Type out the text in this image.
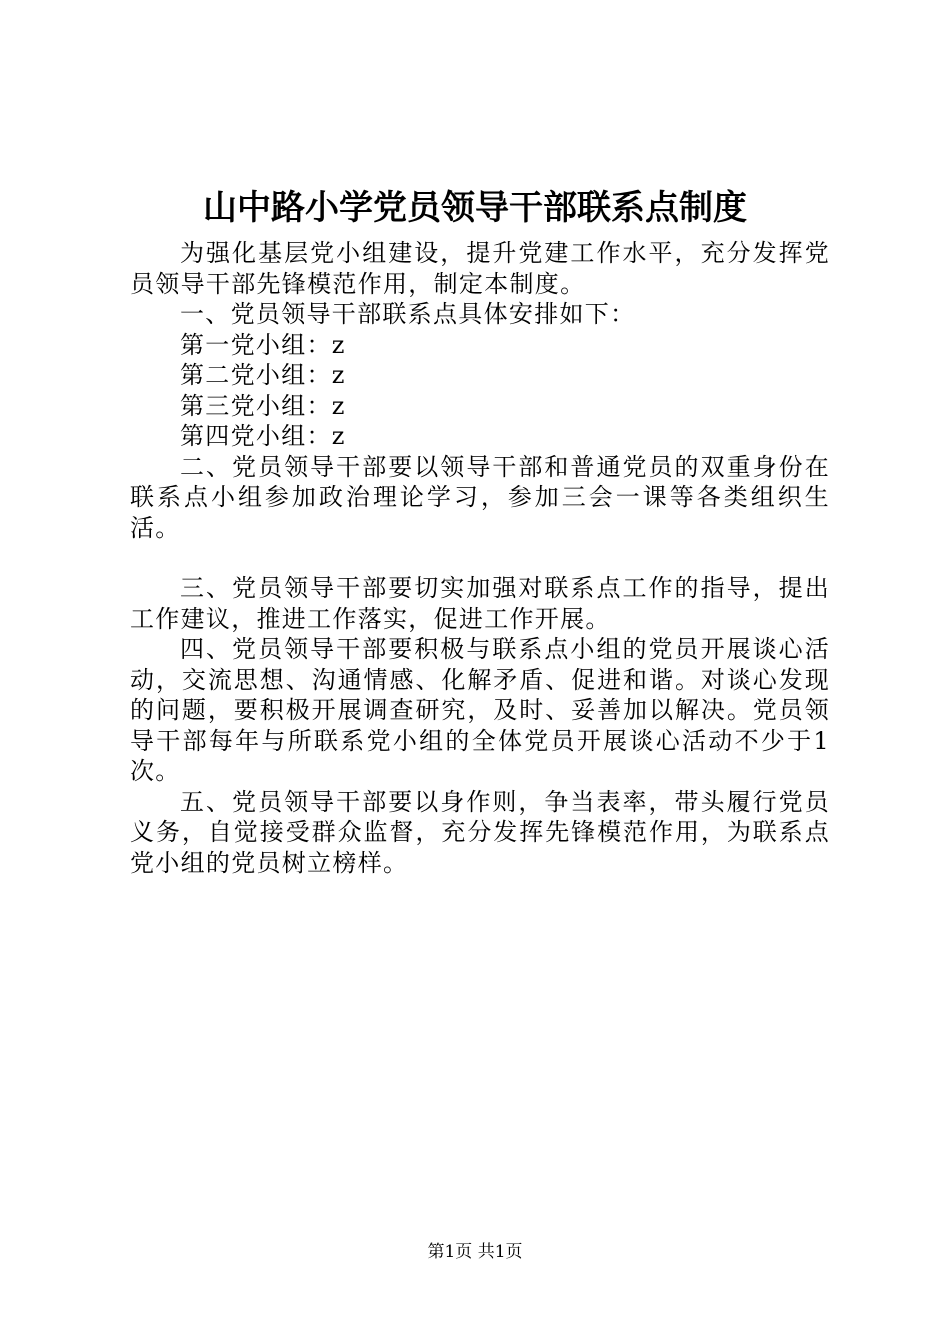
山中路小学党员领导干部联系点制度

为强化基层党小组建设，提升党建工作水平，充分发挥党员领导干部先锋模范作用，制定本制度。

一、党员领导干部联系点具体安排如下：

第一党小组：z

第二党小组：z

第三党小组：z

第四党小组：z

二、党员领导干部要以领导干部和普通党员的双重身份在联系点小组参加政治理论学习，参加三会一课等各类组织生活。

三、党员领导干部要切实加强对联系点工作的指导，提出工作建议，推进工作落实，促进工作开展。

四、党员领导干部要积极与联系点小组的党员开展谈心活动，交流思想、沟通情感、化解矛盾、促进和谐。对谈心发现的问题，要积极开展调查研究，及时、妥善加以解决。党员领导干部每年与所联系党小组的全体党员开展谈心活动不少于1次。

五、党员领导干部要以身作则，争当表率，带头履行党员义务，自觉接受群众监督，充分发挥先锋模范作用，为联系点党小组的党员树立榜样。

第1页 共1页
